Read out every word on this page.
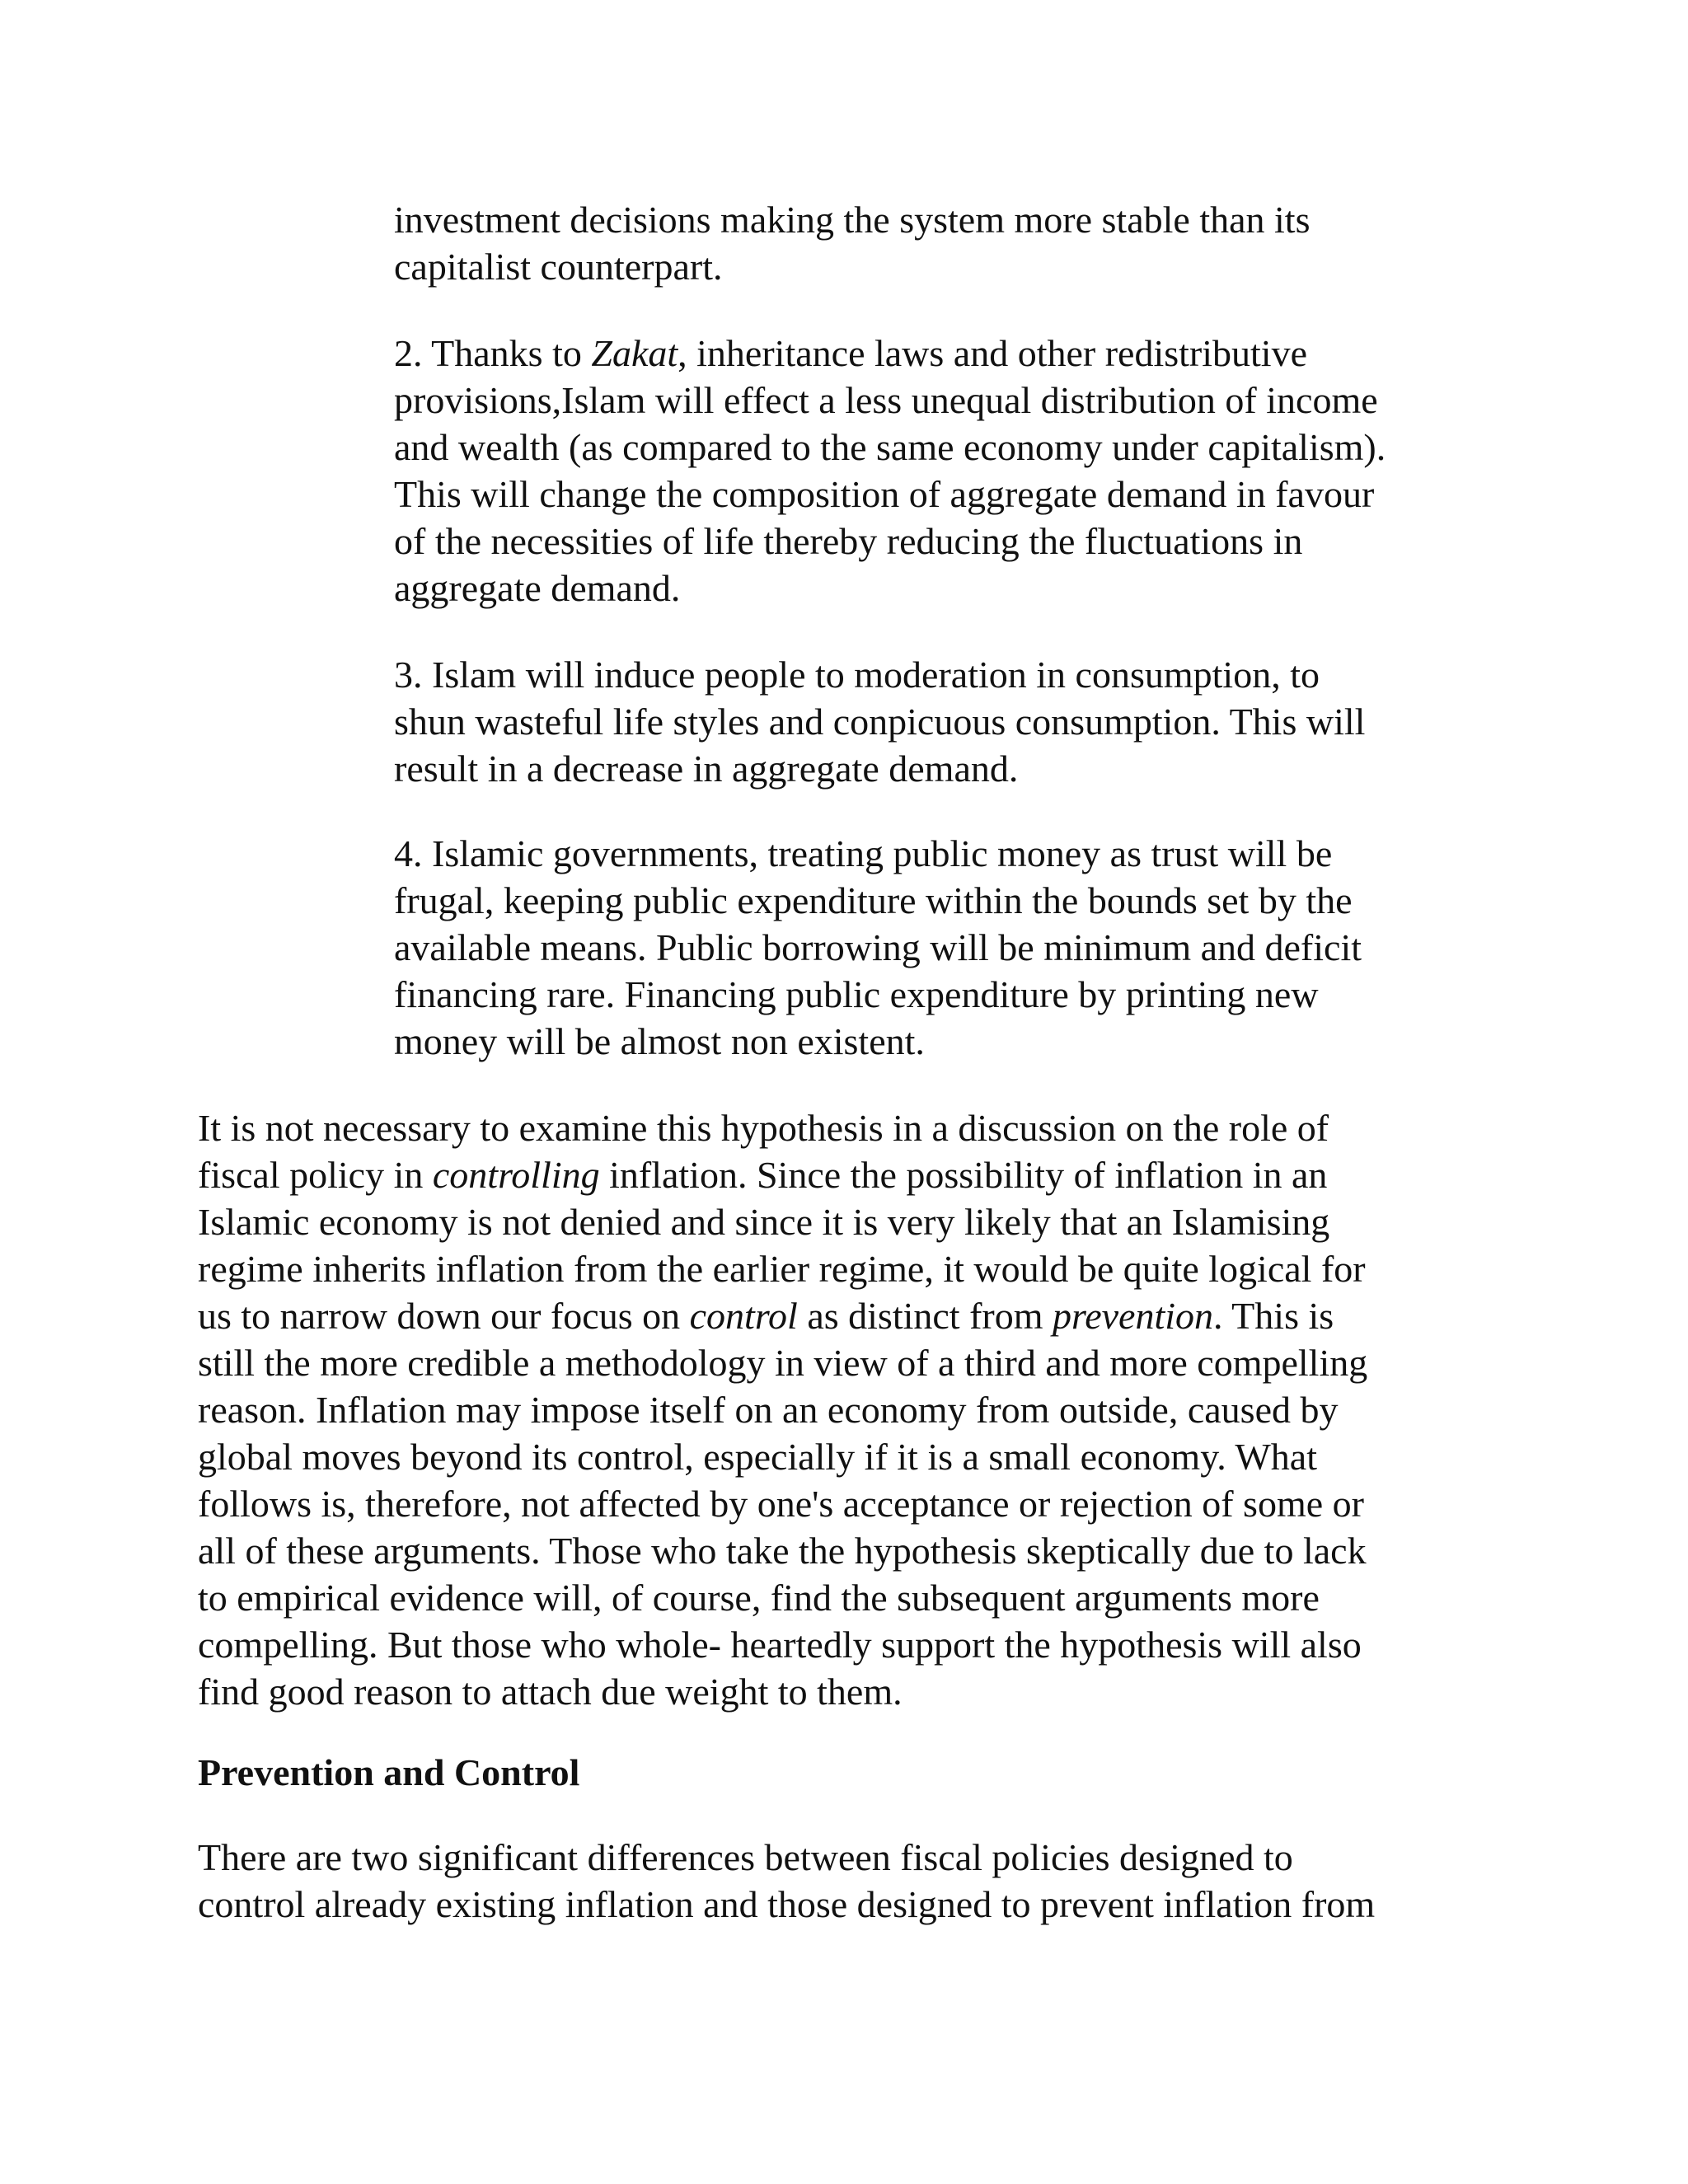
investment decisions making the system more stable than its
capitalist counterpart.
2. Thanks to Zakat, inheritance laws and other redistributive
provisions,Islam will effect a less unequal distribution of income
and wealth (as compared to the same economy under capitalism).
This will change the composition of aggregate demand in favour
of the necessities of life thereby reducing the fluctuations in
aggregate demand.
3. Islam will induce people to moderation in consumption, to
shun wasteful life styles and conpicuous consumption. This will
result in a decrease in aggregate demand.
4. Islamic governments, treating public money as trust will be
frugal, keeping public expenditure within the bounds set by the
available means. Public borrowing will be minimum and deficit
financing rare. Financing public expenditure by printing new
money will be almost non existent.
It is not necessary to examine this hypothesis in a discussion on the role of
fiscal policy in controlling inflation. Since the possibility of inflation in an
Islamic economy is not denied and since it is very likely that an Islamising
regime inherits inflation from the earlier regime, it would be quite logical for
us to narrow down our focus on control as distinct from prevention. This is
still the more credible a methodology in view of a third and more compelling
reason. Inflation may impose itself on an economy from outside, caused by
global moves beyond its control, especially if it is a small economy. What
follows is, therefore, not affected by one's acceptance or rejection of some or
all of these arguments. Those who take the hypothesis skeptically due to lack
to empirical evidence will, of course, find the subsequent arguments more
compelling. But those who whole- heartedly support the hypothesis will also
find good reason to attach due weight to them.
Prevention and Control
There are two significant differences between fiscal policies designed to
control already existing inflation and those designed to prevent inflation from
